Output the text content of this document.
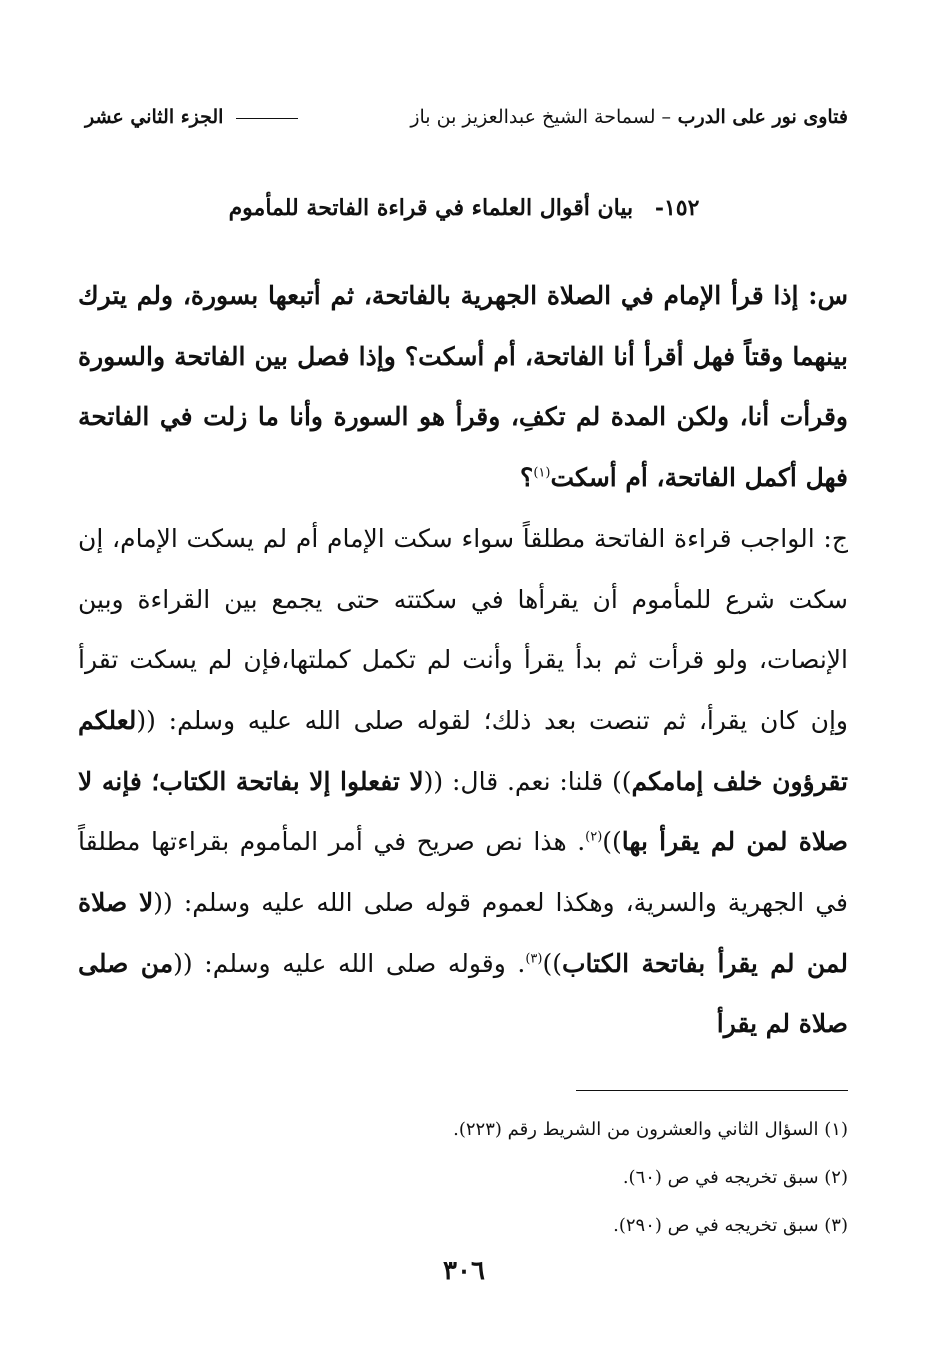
فتاوى نور على الدرب – لسماحة الشيخ عبدالعزيز بن باز
الجزء الثاني عشر
١٥٢- بيان أقوال العلماء في قراءة الفاتحة للمأموم

س: إذا قرأ الإمام في الصلاة الجهرية بالفاتحة، ثم أتبعها بسورة، ولم يترك بينهما وقتاً فهل أقرأ أنا الفاتحة، أم أسكت؟ وإذا فصل بين الفاتحة والسورة وقرأت أنا، ولكن المدة لم تكفِ، وقرأ هو السورة وأنا ما زلت في الفاتحة فهل أكمل الفاتحة، أم أسكت$^{(١)}$؟

ج: الواجب قراءة الفاتحة مطلقاً سواء سكت الإمام أم لم يسكت الإمام، إن سكت شرع للمأموم أن يقرأها في سكتته حتى يجمع بين القراءة وبين الإنصات، ولو قرأت ثم بدأ يقرأ وأنت لم تكمل كملتها،فإن لم يسكت تقرأ وإن كان يقرأ، ثم تنصت بعد ذلك؛ لقوله صلى الله عليه وسلم: ((لعلكم تقرؤون خلف إمامكم)) قلنا: نعم. قال: ((لا تفعلوا إلا بفاتحة الكتاب؛ فإنه لا صلاة لمن لم يقرأ بها))$^{(٢)}$. هذا نص صريح في أمر المأموم بقراءتها مطلقاً في الجهرية والسرية، وهكذا لعموم قوله صلى الله عليه وسلم: ((لا صلاة لمن لم يقرأ بفاتحة الكتاب))$^{(٣)}$. وقوله صلى الله عليه وسلم: ((من صلى صلاة لم يقرأ

(١) السؤال الثاني والعشرون من الشريط رقم (٢٢٣).
(٢) سبق تخريجه في ص (٦٠).
(٣) سبق تخريجه في ص (٢٩٠).
٣٠٦
